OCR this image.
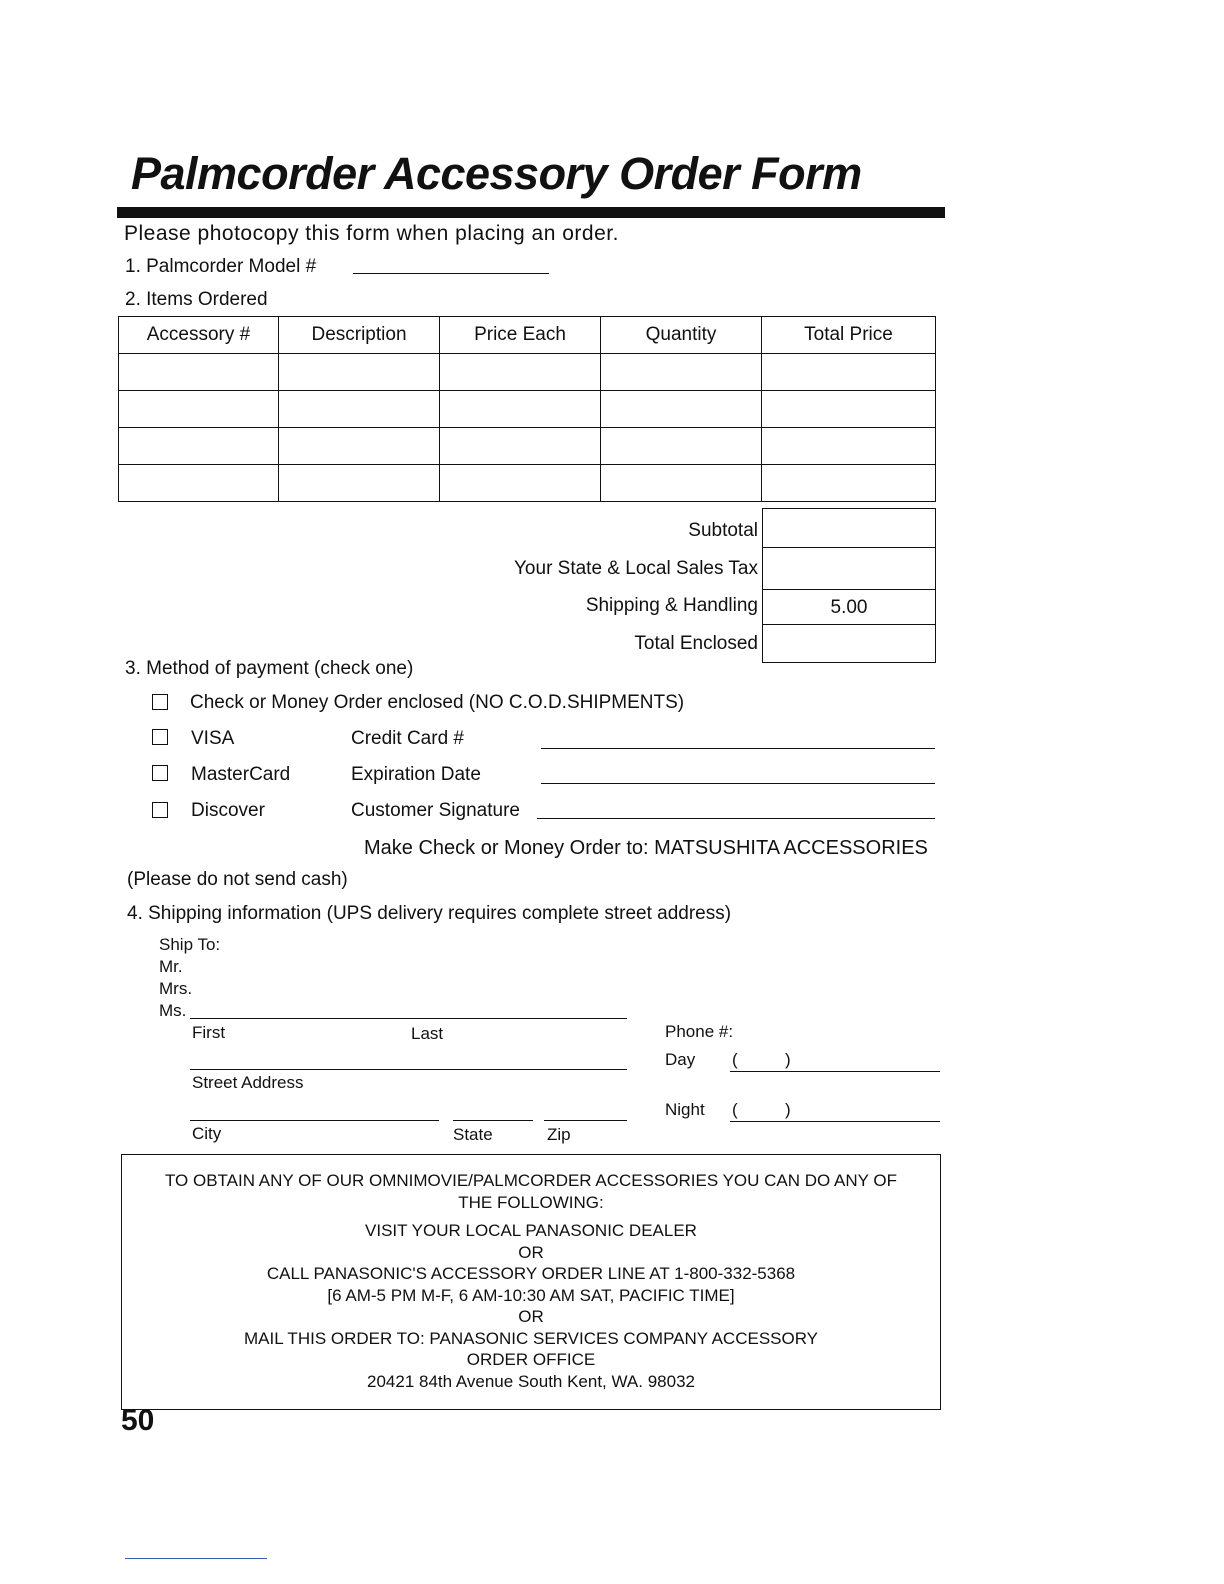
Palmcorder Accessory Order Form
Please photocopy this form when placing an order.
1. Palmcorder Model #
2. Items Ordered
Accessory #	Description	Price Each	Quantity	Total Price

Subtotal
Your State & Local Sales Tax
Shipping & Handling	5.00
Total Enclosed
3. Method of payment (check one)
Check or Money Order enclosed (NO C.O.D.SHIPMENTS)
VISA	Credit Card #
MasterCard	Expiration Date
Discover	Customer Signature
Make Check or Money Order to: MATSUSHITA ACCESSORIES
(Please do not send cash)
4. Shipping information (UPS delivery requires complete street address)
Ship To:
Mr.
Mrs.
Ms.
First	Last
Street Address
City	State	Zip
Phone #:
Day (	)
Night (	)
TO OBTAIN ANY OF OUR OMNIMOVIE/PALMCORDER ACCESSORIES YOU CAN DO ANY OF
THE FOLLOWING:
VISIT YOUR LOCAL PANASONIC DEALER
OR
CALL PANASONIC'S ACCESSORY ORDER LINE AT 1-800-332-5368
[6 AM-5 PM M-F, 6 AM-10:30 AM SAT, PACIFIC TIME]
OR
MAIL THIS ORDER TO: PANASONIC SERVICES COMPANY ACCESSORY
ORDER OFFICE
20421 84th Avenue South Kent, WA. 98032
50
